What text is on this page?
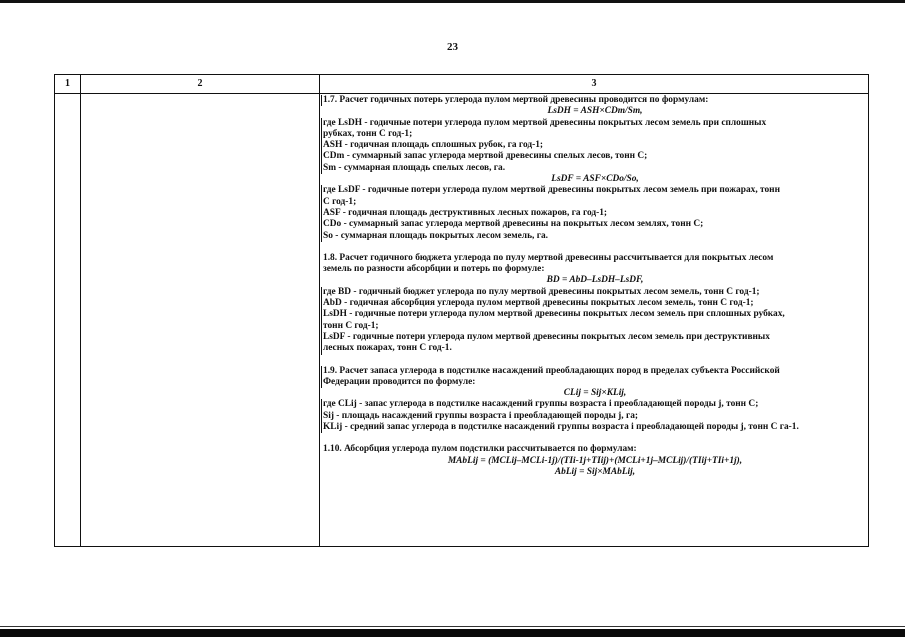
23
1	2	3
1.7. Расчет годичных потерь углерода пулом мертвой древесины проводится по формулам:
LsDH = ASH×CDm/Sm,
где LsDH - годичные потери углерода пулом мертвой древесины покрытых лесом земель при сплошных
рубках, тонн С год-1;
ASH - годичная площадь сплошных рубок, га год-1;
CDm - суммарный запас углерода мертвой древесины спелых лесов, тонн С;
Sm - суммарная площадь спелых лесов, га.
LsDF = ASF×CDo/So,
где LsDF - годичные потери углерода пулом мертвой древесины покрытых лесом земель при пожарах, тонн
С год-1;
ASF - годичная площадь деструктивных лесных пожаров, га год-1;
CDo - суммарный запас углерода мертвой древесины на покрытых лесом землях, тонн С;
So - суммарная площадь покрытых лесом земель, га.
1.8. Расчет годичного бюджета углерода по пулу мертвой древесины рассчитывается для покрытых лесом
земель по разности абсорбции и потерь по формуле:
BD = AbD–LsDH–LsDF,
где BD - годичный бюджет углерода по пулу мертвой древесины покрытых лесом земель, тонн С год-1;
AbD - годичная абсорбция углерода пулом мертвой древесины покрытых лесом земель, тонн С год-1;
LsDH - годичные потери углерода пулом мертвой древесины покрытых лесом земель при сплошных рубках,
тонн С год-1;
LsDF - годичные потери углерода пулом мертвой древесины покрытых лесом земель при деструктивных
лесных пожарах, тонн С год-1.
1.9. Расчет запаса углерода в подстилке насаждений преобладающих пород в пределах субъекта Российской
Федерации проводится по формуле:
CLij = Sij×KLij,
где CLij - запас углерода в подстилке насаждений группы возраста i преобладающей породы j, тонн С;
Sij - площадь насаждений группы возраста i преобладающей породы j, га;
KLij - средний запас углерода в подстилке насаждений группы возраста i преобладающей породы j, тонн С га-1.
1.10. Абсорбция углерода пулом подстилки рассчитывается по формулам:
MAbLij = (MCLij–MCLi-1j)/(TIi-1j+TIij)+(MCLi+1j–MCLij)/(TIij+TIi+1j),
AbLij = Sij×MAbLij,
